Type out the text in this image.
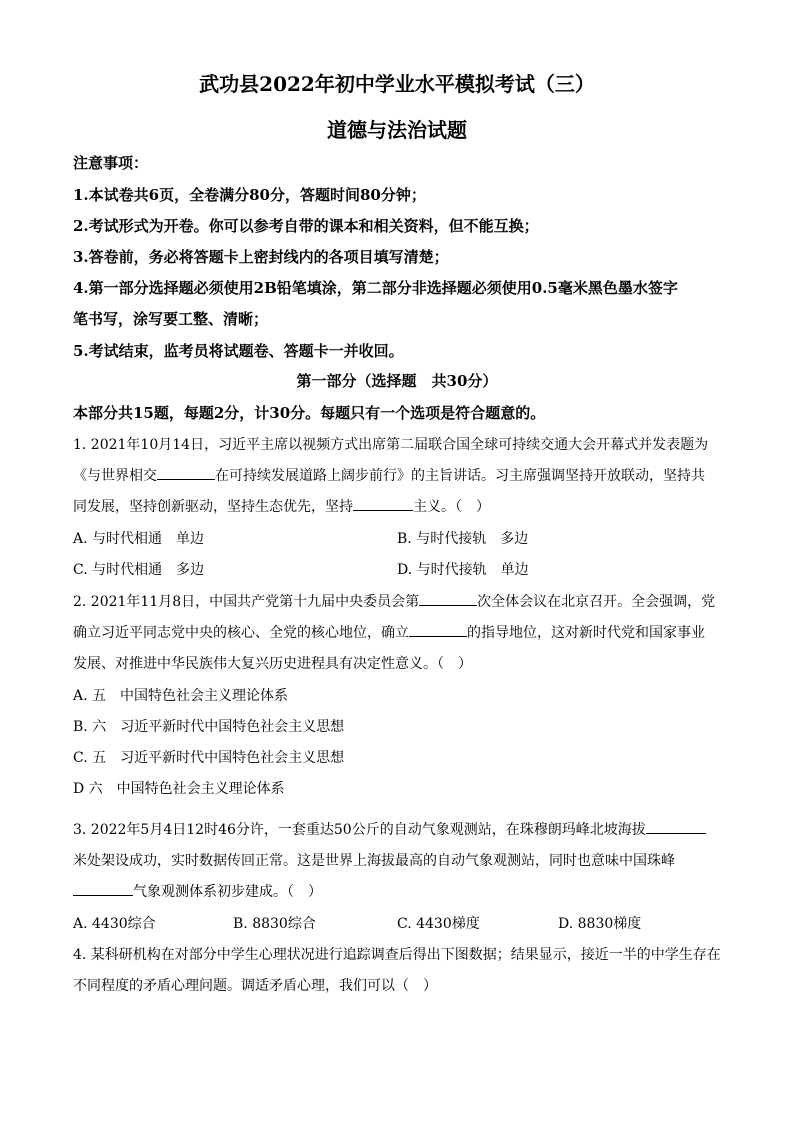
武功县2022年初中学业水平模拟考试（三）
道德与法治试题
注意事项：
1.本试卷共6页，全卷满分80分，答题时间80分钟；
2.考试形式为开卷。你可以参考自带的课本和相关资料，但不能互换；
3.答卷前，务必将答题卡上密封线内的各项目填写清楚；
4.第一部分选择题必须使用2B铅笔填涂，第二部分非选择题必须使用0.5毫米黑色墨水签字
笔书写，涂写要工整、清晰；
5.考试结束，监考员将试题卷、答题卡一并收回。
第一部分（选择题　共30分）
本部分共15题，每题2分，计30分。每题只有一个选项是符合题意的。
1. 2021年10月14日，习近平主席以视频方式出席第二届联合国全球可持续交通大会开幕式并发表题为
《与世界相交	在可持续发展道路上阔步前行》的主旨讲话。习主席强调坚持开放联动，坚持共
同发展，坚持创新驱动，坚持生态优先，坚持	主义。（　）
A. 与时代相通　单边	B. 与时代接轨　多边
C. 与时代相通　多边	D. 与时代接轨　单边
2. 2021年11月8日，中国共产党第十九届中央委员会第	次全体会议在北京召开。全会强调，党
确立习近平同志党中央的核心、全党的核心地位，确立	的指导地位，这对新时代党和国家事业
发展、对推进中华民族伟大复兴历史进程具有决定性意义。（　）
A. 五　中国特色社会主义理论体系
B. 六　习近平新时代中国特色社会主义思想
C. 五　习近平新时代中国特色社会主义思想
D 六　中国特色社会主义理论体系
3. 2022年5月4日12时46分许，一套重达50公斤的自动气象观测站，在珠穆朗玛峰北坡海拔
米处架设成功，实时数据传回正常。这是世界上海拔最高的自动气象观测站，同时也意味中国珠峰
气象观测体系初步建成。（　）
A. 4430综合	B. 8830综合	C. 4430梯度	D. 8830梯度
4. 某科研机构在对部分中学生心理状况进行追踪调查后得出下图数据；结果显示，接近一半的中学生存在
不同程度的矛盾心理问题。调适矛盾心理，我们可以（　）
